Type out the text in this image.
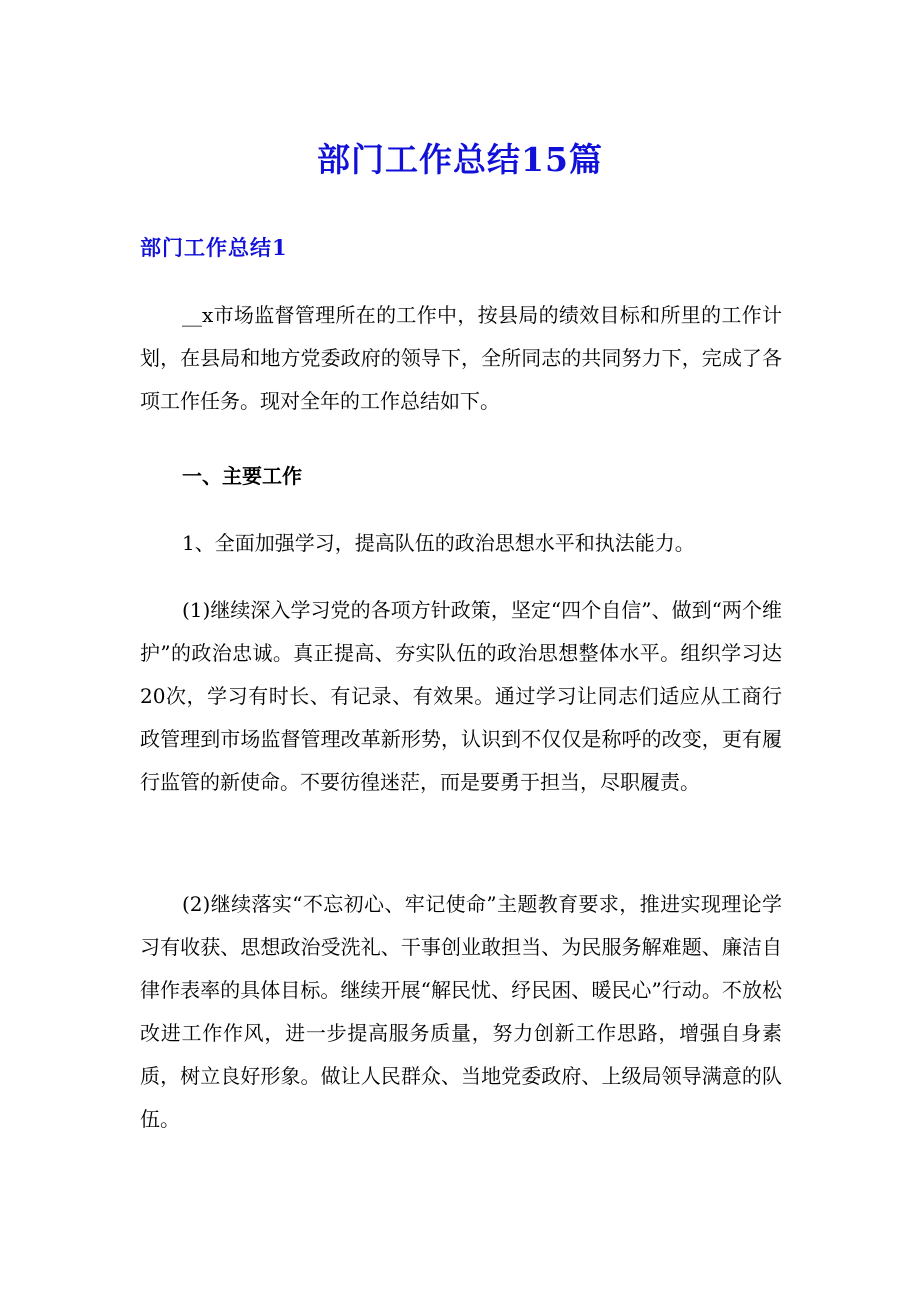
部门工作总结15篇
部门工作总结1

__x市场监督管理所在的工作中，按县局的绩效目标和所里的工作计划，在县局和地方党委政府的领导下，全所同志的共同努力下，完成了各项工作任务。现对全年的工作总结如下。

一、主要工作

1、全面加强学习，提高队伍的政治思想水平和执法能力。

(1)继续深入学习党的各项方针政策，坚定“四个自信”、做到“两个维护”的政治忠诚。真正提高、夯实队伍的政治思想整体水平。组织学习达20次，学习有时长、有记录、有效果。通过学习让同志们适应从工商行政管理到市场监督管理改革新形势，认识到不仅仅是称呼的改变，更有履行监管的新使命。不要彷徨迷茫，而是要勇于担当，尽职履责。

(2)继续落实“不忘初心、牢记使命”主题教育要求，推进实现理论学习有收获、思想政治受洗礼、干事创业敢担当、为民服务解难题、廉洁自律作表率的具体目标。继续开展“解民忧、纾民困、暖民心”行动。不放松改进工作作风，进一步提高服务质量，努力创新工作思路，增强自身素质，树立良好形象。做让人民群众、当地党委政府、上级局领导满意的队伍。
